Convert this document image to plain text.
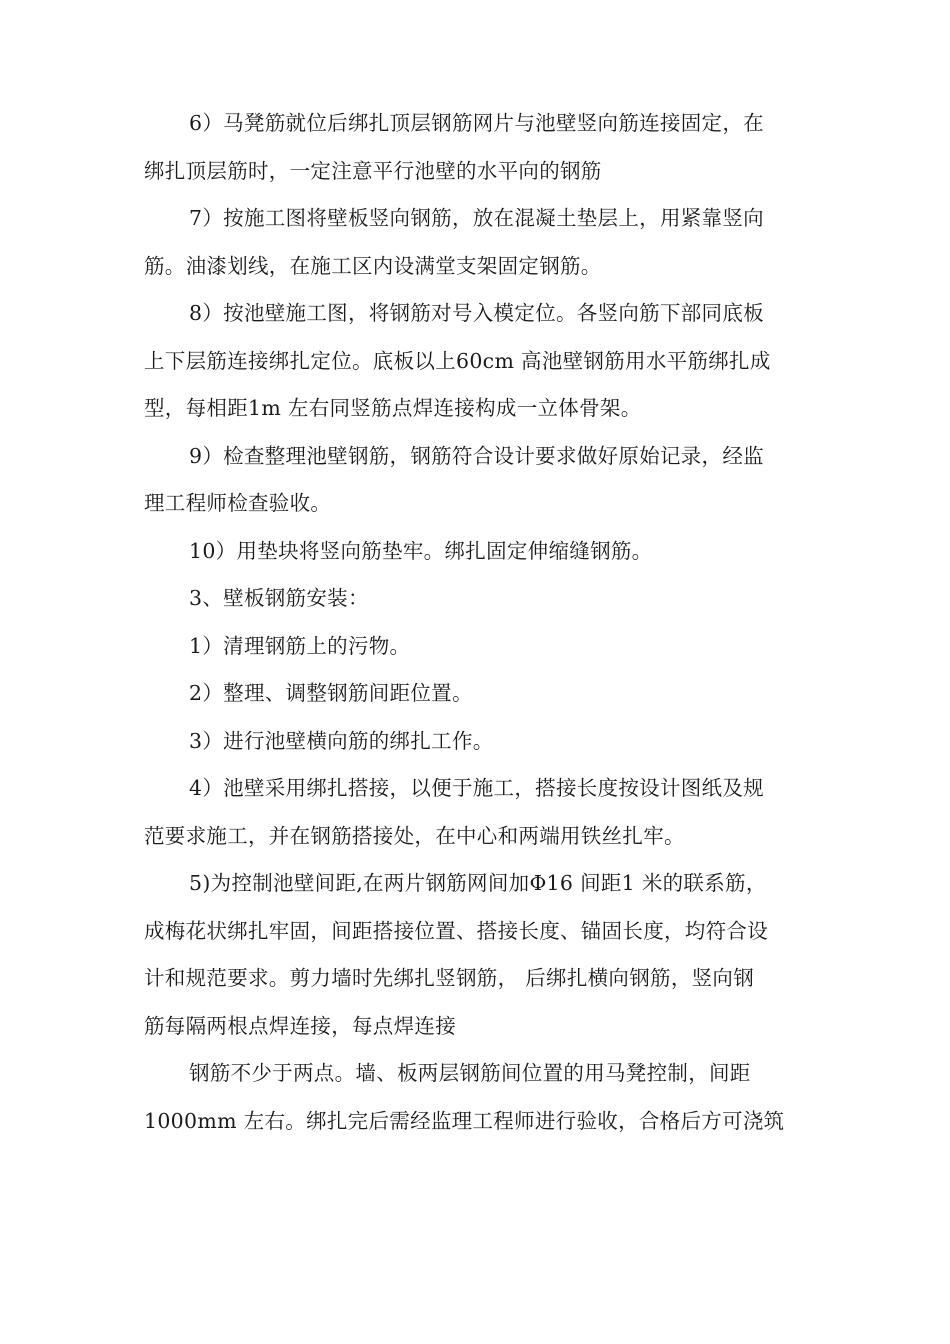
6）马凳筋就位后绑扎顶层钢筋网片与池壁竖向筋连接固定，在
绑扎顶层筋时，一定注意平行池壁的水平向的钢筋
7）按施工图将壁板竖向钢筋，放在混凝土垫层上，用紧靠竖向
筋。油漆划线，在施工区内设满堂支架固定钢筋。
8）按池壁施工图，将钢筋对号入模定位。各竖向筋下部同底板
上下层筋连接绑扎定位。底板以上60cm 高池壁钢筋用水平筋绑扎成
型，每相距1m 左右同竖筋点焊连接构成一立体骨架。
9）检查整理池壁钢筋，钢筋符合设计要求做好原始记录，经监
理工程师检查验收。
10）用垫块将竖向筋垫牢。绑扎固定伸缩缝钢筋。
3、壁板钢筋安装：
1）清理钢筋上的污物。
2）整理、调整钢筋间距位置。
3）进行池壁横向筋的绑扎工作。
4）池壁采用绑扎搭接，以便于施工，搭接长度按设计图纸及规
范要求施工，并在钢筋搭接处，在中心和两端用铁丝扎牢。
5)为控制池壁间距,在两片钢筋网间加Φ16 间距1 米的联系筋，
成梅花状绑扎牢固，间距搭接位置、搭接长度、锚固长度，均符合设
计和规范要求。剪力墙时先绑扎竖钢筋， 后绑扎横向钢筋，竖向钢
筋每隔两根点焊连接，每点焊连接
钢筋不少于两点。墙、板两层钢筋间位置的用马凳控制，间距
1000mm 左右。绑扎完后需经监理工程师进行验收，合格后方可浇筑
